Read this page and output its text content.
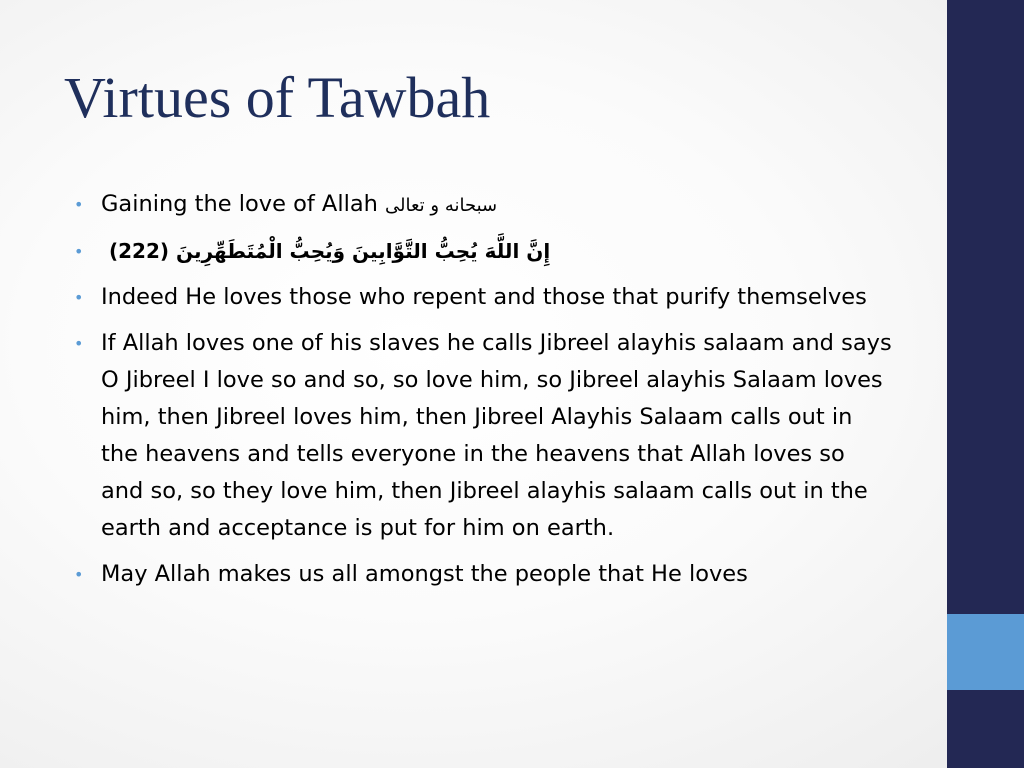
Virtues of Tawbah
• Gaining the love of Allah سبحانه و تعالى
• إِنَّ اللَّهَ يُحِبُّ التَّوَّابِينَ وَيُحِبُّ الْمُتَطَهِّرِينَ (222)
• Indeed He loves those who repent and those that purify themselves
• If Allah loves one of his slaves he calls Jibreel alayhis salaam and says O Jibreel I love so and so, so love him, so Jibreel alayhis Salaam loves him, then Jibreel loves him, then Jibreel Alayhis Salaam calls out in the heavens and tells everyone in the heavens that Allah loves so and so, so they love him, then Jibreel alayhis salaam calls out in the earth and acceptance is put for him on earth.
• May Allah makes us all amongst the people that He loves
